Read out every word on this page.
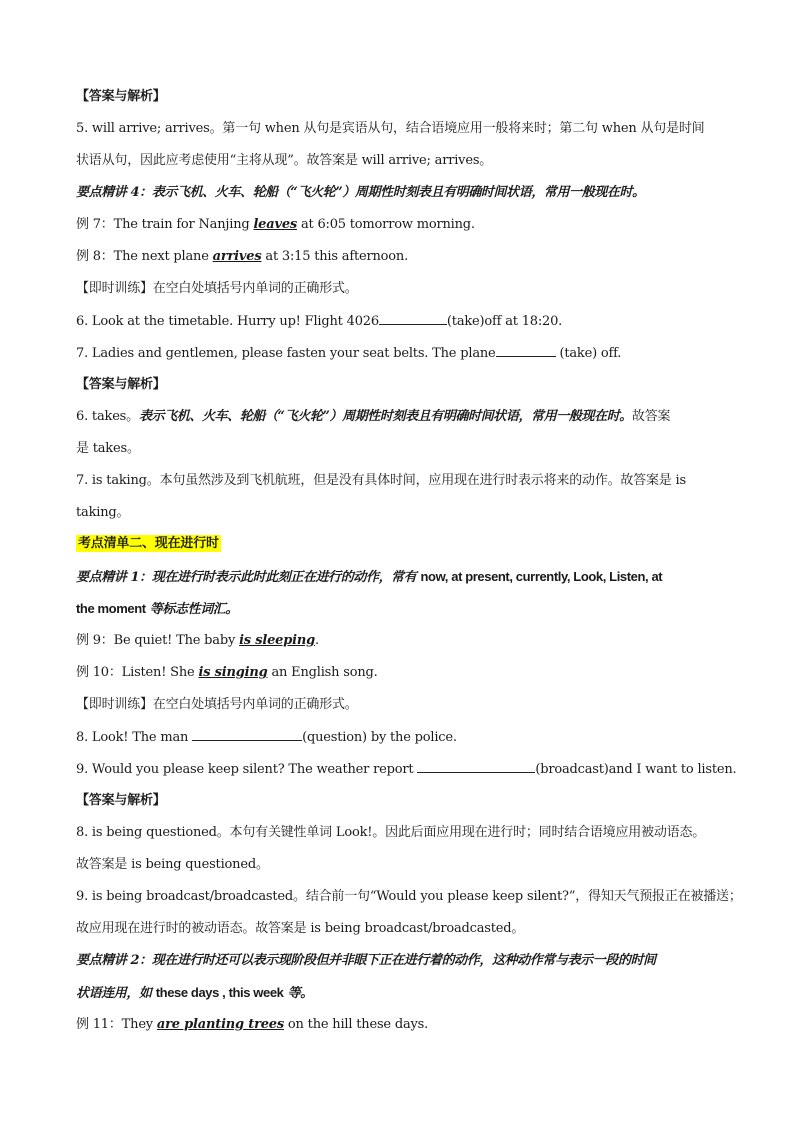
【答案与解析】
5. will arrive; arrives。第一句 when 从句是宾语从句，结合语境应用一般将来时；第二句 when 从句是时间
状语从句，因此应考虑使用“主将从现”。故答案是 will arrive; arrives。
要点精讲 4：表示飞机、火车、轮船（“飞火轮”）周期性时刻表且有明确时间状语，常用一般现在时。
例 7：The train for Nanjing leaves at 6:05 tomorrow morning.
例 8：The next plane arrives at 3:15 this afternoon.
【即时训练】在空白处填括号内单词的正确形式。
6. Look at the timetable. Hurry up! Flight 4026	(take)off at 18:20.
7. Ladies and gentlemen, please fasten your seat belts. The plane	(take) off.
【答案与解析】
6. takes。表示飞机、火车、轮船（“飞火轮”）周期性时刻表且有明确时间状语，常用一般现在时。故答案
是 takes。
7. is taking。本句虽然涉及到飞机航班，但是没有具体时间，应用现在进行时表示将来的动作。故答案是 is
taking。
考点清单二、现在进行时
要点精讲 1：现在进行时表示此时此刻正在进行的动作，常有 now, at present, currently, Look, Listen, at
the moment 等标志性词汇。
例 9：Be quiet! The baby is sleeping.
例 10：Listen! She is singing an English song.
【即时训练】在空白处填括号内单词的正确形式。
8. Look! The man	(question) by the police.
9. Would you please keep silent? The weather report	(broadcast)and I want to listen.
【答案与解析】
8. is being questioned。本句有关键性单词 Look!。因此后面应用现在进行时；同时结合语境应用被动语态。
故答案是 is being questioned。
9. is being broadcast/broadcasted。结合前一句“Would you please keep silent?”，得知天气预报正在被播送；
故应用现在进行时的被动语态。故答案是 is being broadcast/broadcasted。
要点精讲 2：现在进行时还可以表示现阶段但并非眼下正在进行着的动作，这种动作常与表示一段的时间
状语连用，如 these days , this week 等。
例 11：They are planting trees on the hill these days.
